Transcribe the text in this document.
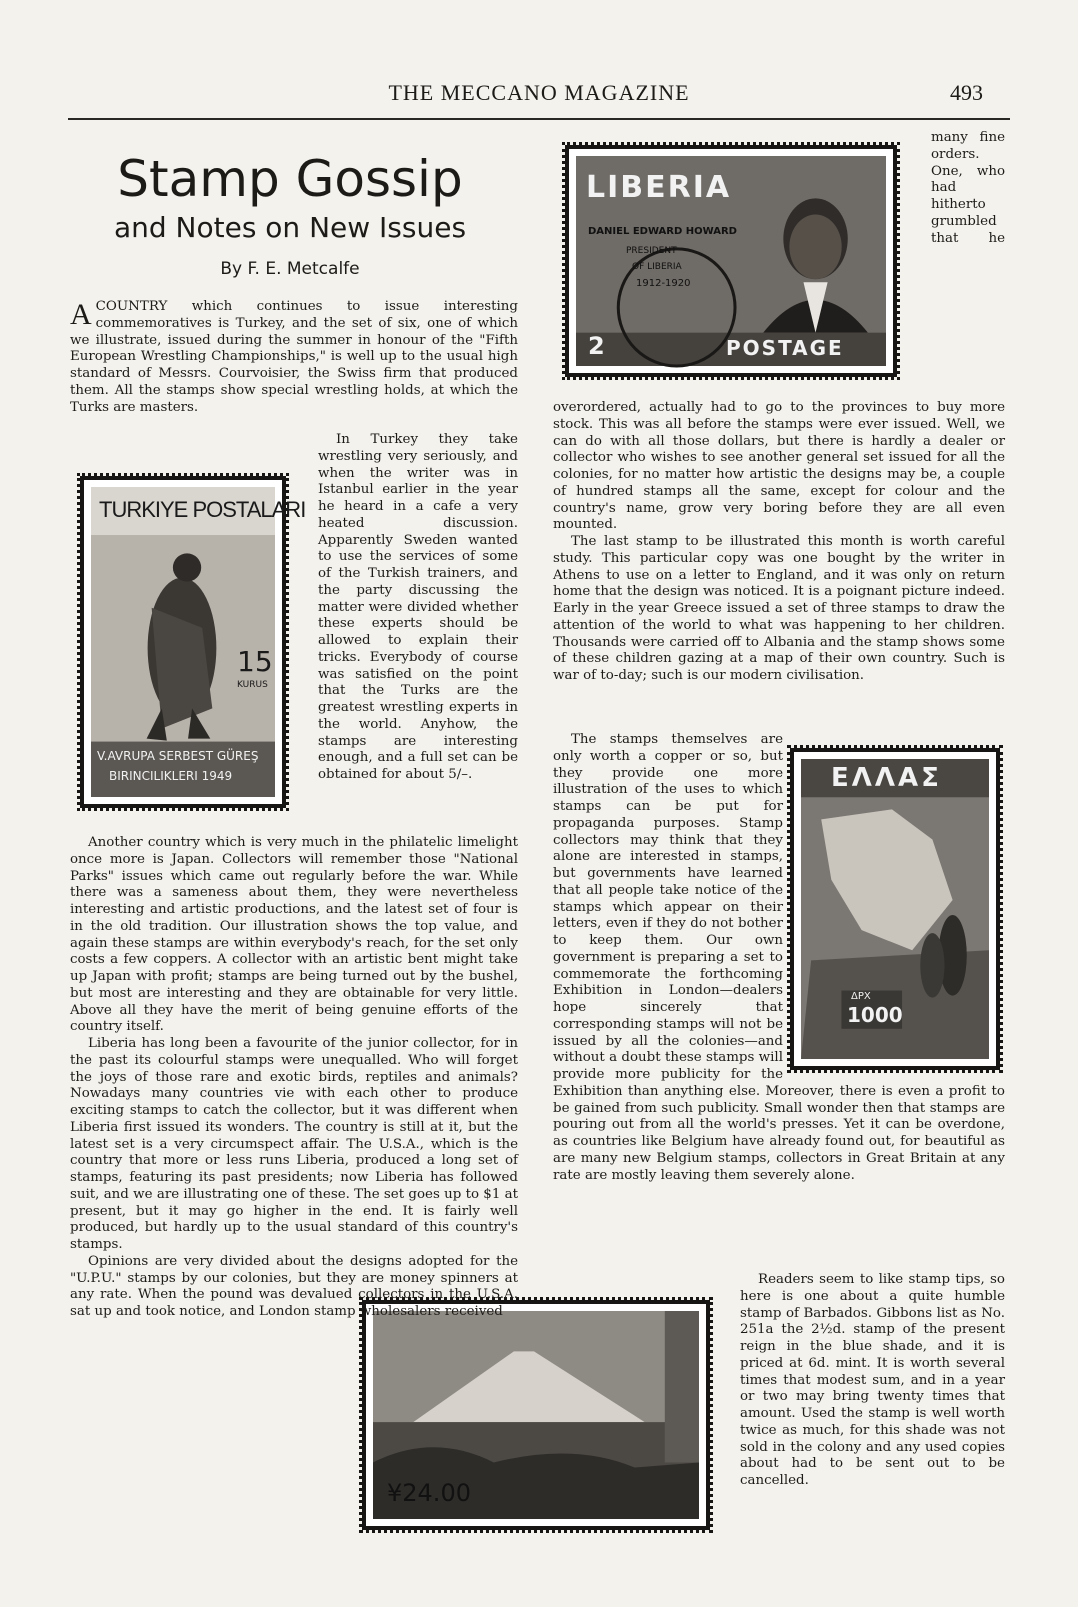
THE MECCANO MAGAZINE	493
Stamp Gossip
and Notes on New Issues
By F. E. Metcalfe
TURKIYE POSTALARI
15
KURUS
V.AVRUPA SERBEST GÜREŞ
BIRINCILIKLERI 1949
LIBERIA
DANIEL EDWARD HOWARD
PRESIDENT
OF LIBERIA
1912-1920
2	POSTAGE
ΕΛΛΑΣ
ΔΡΧ
1000
¥24.00

ACOUNTRY which continues to issue interesting commemoratives is Turkey, and the set of six, one of which we illustrate, issued during the summer in honour of the "Fifth European Wrestling Championships," is well up to the usual high standard of Messrs. Courvoisier, the Swiss firm that produced them. All the stamps show special wrestling holds, at which the Turks are masters.

In Turkey they take wrestling very seriously, and when the writer was in Istanbul earlier in the year he heard in a cafe a very heated discussion. Apparently Sweden wanted to use the services of some of the Turkish trainers, and the party discussing the matter were divided whether these experts should be allowed to explain their tricks. Everybody of course was satisfied on the point that the Turks are the greatest wrestling experts in the world. Anyhow, the stamps are interesting enough, and a full set can be obtained for about 5/–.

Another country which is very much in the philatelic limelight once more is Japan. Collectors will remember those "National Parks" issues which came out regularly before the war. While there was a sameness about them, they were nevertheless interesting and artistic productions, and the latest set of four is in the old tradition. Our illustration shows the top value, and again these stamps are within everybody's reach, for the set only costs a few coppers. A collector with an artistic bent might take up Japan with profit; stamps are being turned out by the bushel, but most are interesting and they are obtainable for very little. Above all they have the merit of being genuine efforts of the country itself.

Liberia has long been a favourite of the junior collector, for in the past its colourful stamps were unequalled. Who will forget the joys of those rare and exotic birds, reptiles and animals? Nowadays many countries vie with each other to produce exciting stamps to catch the collector, but it was different when Liberia first issued its wonders. The country is still at it, but the latest set is a very circumspect affair. The U.S.A., which is the country that more or less runs Liberia, produced a long set of stamps, featuring its past presidents; now Liberia has followed suit, and we are illustrating one of these. The set goes up to $1 at present, but it may go higher in the end. It is fairly well produced, but hardly up to the usual standard of this country's stamps.

Opinions are very divided about the designs adopted for the "U.P.U." stamps by our colonies, but they are money spinners at any rate. When the pound was devalued collectors in the U.S.A. sat up and took notice, and London stamp wholesalers received

many fine orders. One, who had hitherto grumbled that he overordered, actually had to go to the provinces to buy more stock. This was all before the stamps were ever issued. Well, we can do with all those dollars, but there is hardly a dealer or collector who wishes to see another general set issued for all the colonies, for no matter how artistic the designs may be, a couple of hundred stamps all the same, except for colour and the country's name, grow very boring before they are all even mounted.

The last stamp to be illustrated this month is worth careful study. This particular copy was one bought by the writer in Athens to use on a letter to England, and it was only on return home that the design was noticed. It is a poignant picture indeed. Early in the year Greece issued a set of three stamps to draw the attention of the world to what was happening to her children. Thousands were carried off to Albania and the stamp shows some of these children gazing at a map of their own country. Such is war of to-day; such is our modern civilisation.

The stamps themselves are only worth a copper or so, but they provide one more illustration of the uses to which stamps can be put for propaganda purposes. Stamp collectors may think that they alone are interested in stamps, but governments have learned that all people take notice of the stamps which appear on their letters, even if they do not bother to keep them. Our own government is preparing a set to commemorate the forthcoming Exhibition in London—dealers hope sincerely that corresponding stamps will not be issued by all the colonies—and without a doubt these stamps will provide more publicity for the Exhibition than anything else. Moreover, there is even a profit to be gained from such publicity. Small wonder then that stamps are pouring out from all the world's presses. Yet it can be overdone, as countries like Belgium have already found out, for beautiful as are many new Belgium stamps, collectors in Great Britain at any rate are mostly leaving them severely alone.

Readers seem to like stamp tips, so here is one about a quite humble stamp of Barbados. Gibbons list as No. 251a the 2½d. stamp of the present reign in the blue shade, and it is priced at 6d. mint. It is worth several times that modest sum, and in a year or two may bring twenty times that amount. Used the stamp is well worth twice as much, for this shade was not sold in the colony and any used copies about had to be sent out to be cancelled.
